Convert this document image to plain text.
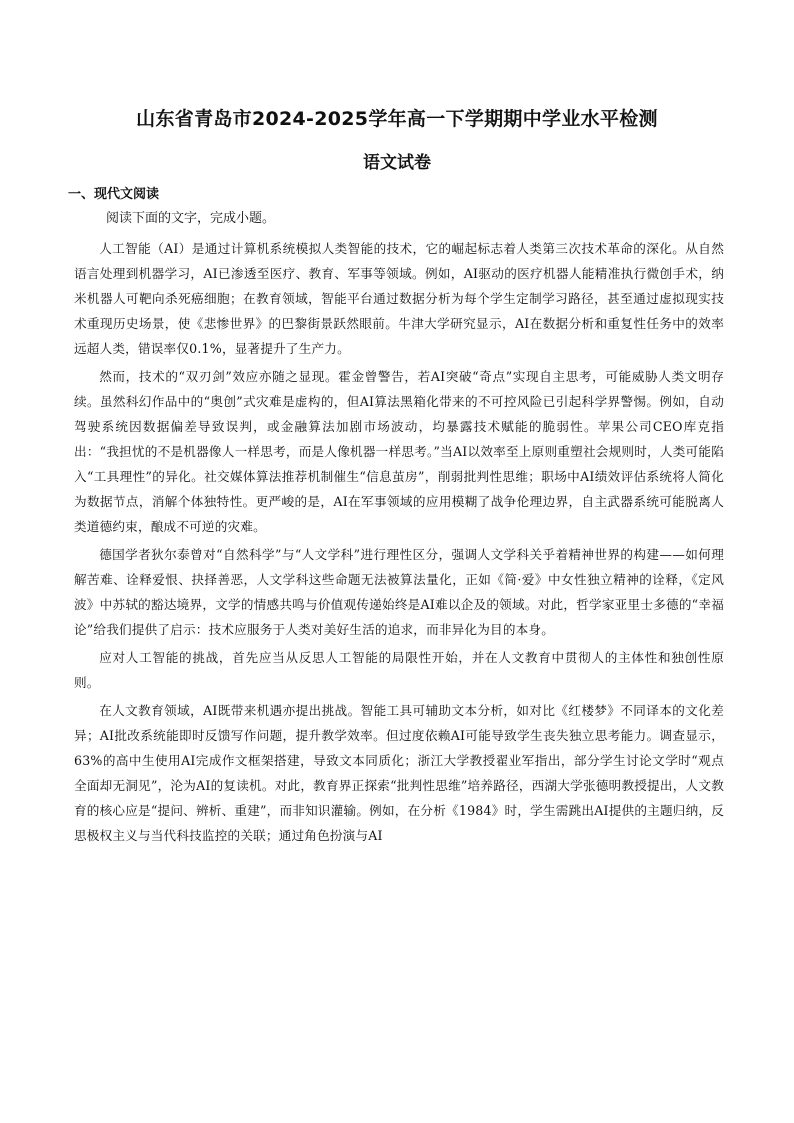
山东省青岛市2024-2025学年高一下学期期中学业水平检测
语文试卷
一、现代文阅读
阅读下面的文字，完成小题。

人工智能（AI）是通过计算机系统模拟人类智能的技术，它的崛起标志着人类第三次技术革命的深化。从自然语言处理到机器学习，AI已渗透至医疗、教育、军事等领域。例如，AI驱动的医疗机器人能精准执行微创手术，纳米机器人可靶向杀死癌细胞；在教育领域，智能平台通过数据分析为每个学生定制学习路径，甚至通过虚拟现实技术重现历史场景，使《悲惨世界》的巴黎街景跃然眼前。牛津大学研究显示，AI在数据分析和重复性任务中的效率远超人类，错误率仅0.1%，显著提升了生产力。

然而，技术的“双刃剑”效应亦随之显现。霍金曾警告，若AI突破“奇点”实现自主思考，可能威胁人类文明存续。虽然科幻作品中的“奥创”式灾难是虚构的，但AI算法黑箱化带来的不可控风险已引起科学界警惕。例如，自动驾驶系统因数据偏差导致误判，或金融算法加剧市场波动，均暴露技术赋能的脆弱性。苹果公司CEO库克指出：“我担忧的不是机器像人一样思考，而是人像机器一样思考。”当AI以效率至上原则重塑社会规则时，人类可能陷入“工具理性”的异化。社交媒体算法推荐机制催生“信息茧房”，削弱批判性思维；职场中AI绩效评估系统将人简化为数据节点，消解个体独特性。更严峻的是，AI在军事领域的应用模糊了战争伦理边界，自主武器系统可能脱离人类道德约束，酿成不可逆的灾难。

德国学者狄尔泰曾对“自然科学”与“人文学科”进行理性区分，强调人文学科关乎着精神世界的构建——如何理解苦难、诠释爱恨、抉择善恶，人文学科这些命题无法被算法量化，正如《简·爱》中女性独立精神的诠释，《定风波》中苏轼的豁达境界，文学的情感共鸣与价值观传递始终是AI难以企及的领域。对此，哲学家亚里士多德的“幸福论”给我们提供了启示：技术应服务于人类对美好生活的追求，而非异化为目的本身。

应对人工智能的挑战，首先应当从反思人工智能的局限性开始，并在人文教育中贯彻人的主体性和独创性原则。

在人文教育领域，AI既带来机遇亦提出挑战。智能工具可辅助文本分析，如对比《红楼梦》不同译本的文化差异；AI批改系统能即时反馈写作问题，提升教学效率。但过度依赖AI可能导致学生丧失独立思考能力。调查显示，63%的高中生使用AI完成作文框架搭建，导致文本同质化；浙江大学教授翟业军指出，部分学生讨论文学时“观点全面却无洞见”，沦为AI的复读机。对此，教育界正探索“批判性思维”培养路径，西湖大学张德明教授提出，人文教育的核心应是“提问、辨析、重建”，而非知识灌输。例如，在分析《1984》时，学生需跳出AI提供的主题归纳，反思极权主义与当代科技监控的关联；通过角色扮演与AI
